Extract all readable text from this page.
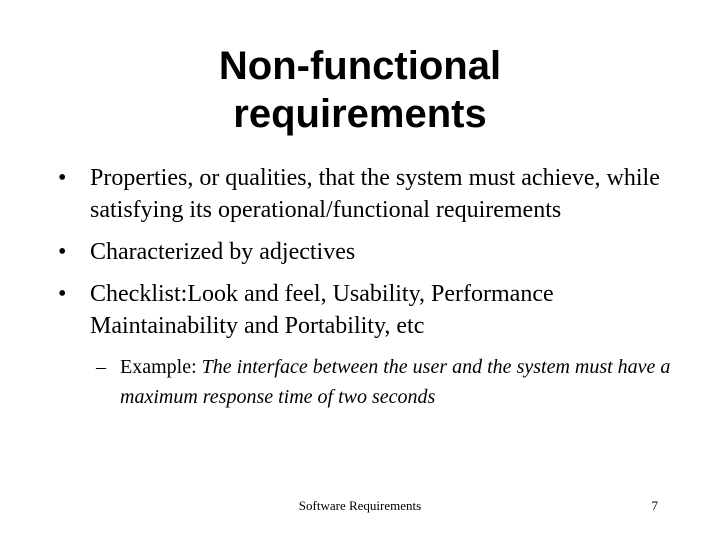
Non-functional
requirements
• Properties, or qualities, that the system must achieve, while satisfying its operational/functional requirements
• Characterized by adjectives
• Checklist:Look and feel, Usability, Performance Maintainability and Portability, etc
– Example: The interface between the user and the system must have a maximum response time of two seconds
Software Requirements	7
